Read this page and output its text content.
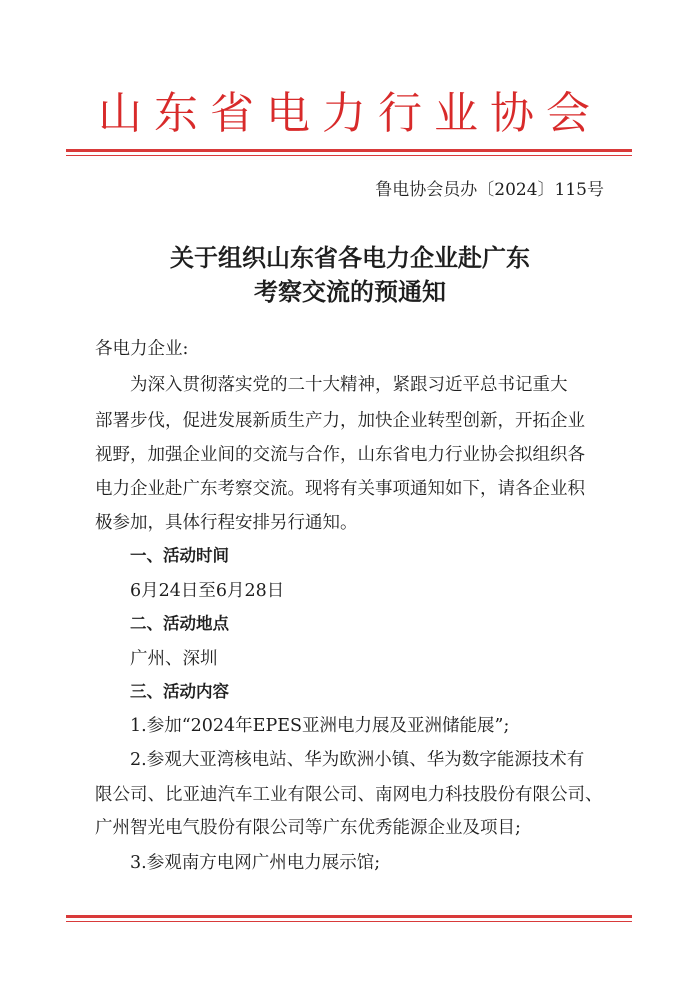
山东省电力行业协会
鲁电协会员办〔2024〕115号
关于组织山东省各电力企业赴广东
考察交流的预通知
各电力企业:
为深入贯彻落实党的二十大精神，紧跟习近平总书记重大
部署步伐，促进发展新质生产力，加快企业转型创新，开拓企业
视野，加强企业间的交流与合作，山东省电力行业协会拟组织各
电力企业赴广东考察交流。现将有关事项通知如下，请各企业积
极参加，具体行程安排另行通知。
一、活动时间
6月24日至6月28日
二、活动地点
广州、深圳
三、活动内容
1.参加“2024年EPES亚洲电力展及亚洲储能展”;
2.参观大亚湾核电站、华为欧洲小镇、华为数字能源技术有
限公司、比亚迪汽车工业有限公司、南网电力科技股份有限公司、
广州智光电气股份有限公司等广东优秀能源企业及项目;
3.参观南方电网广州电力展示馆;
